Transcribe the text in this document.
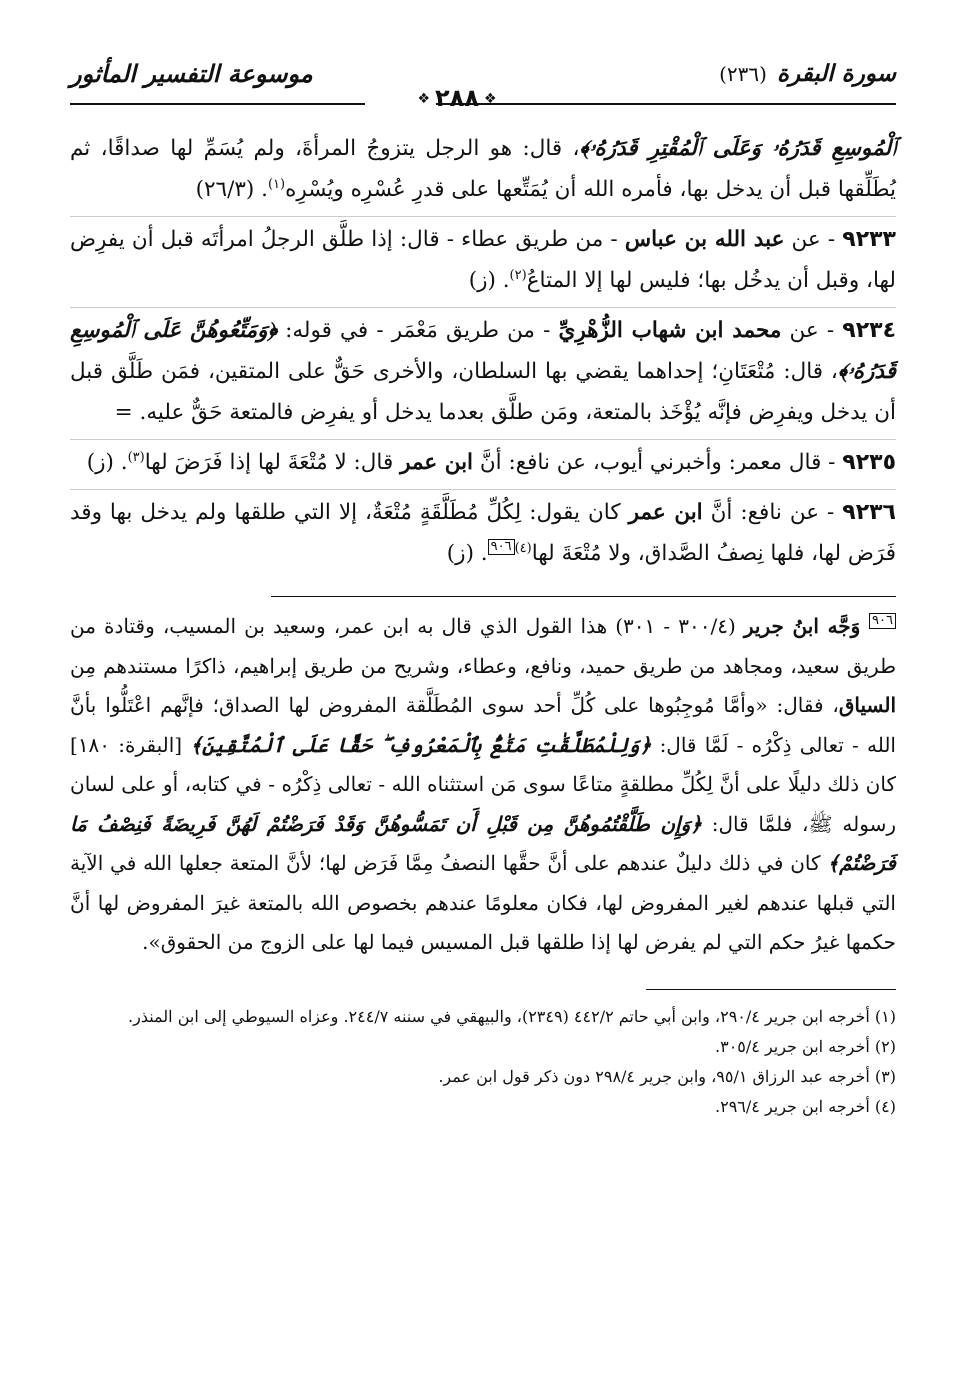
سورة البقرة
(٢٣٦)
موسوعة التفسير المأثور
❖٢٨٨❖

ٱلْمُوسِعِ قَدَرُهُۥ وَعَلَى ٱلْمُقْتِرِ قَدَرُهُۥ﴾، قال: هو الرجل يتزوجُ المرأةَ، ولم يُسَمِّ لها صداقًا، ثم يُطَلِّقها قبل أن يدخل بها، فأمره الله أن يُمَتِّعها على قدرِ عُسْرِه ويُسْرِه$^{(١)}$. (٣/‏٢٦)

٩٢٣٣ - عن عبد الله بن عباس - من طريق عطاء - قال: إذا طلَّق الرجلُ امرأتَه قبل أن يفرِض لها، وقبل أن يدخُل بها؛ فليس لها إلا المتاعُ$^{(٢)}$. (ز)

٩٢٣٤ - عن محمد ابن شهاب الزُّهْرِيِّ - من طريق مَعْمَر - في قوله: ﴿وَمَتِّعُوهُنَّ عَلَى ٱلْمُوسِعِ قَدَرُهُۥ﴾، قال: مُتْعَتَانِ؛ إحداهما يقضي بها السلطان، والأخرى حَقٌّ على المتقين، فمَن طَلَّق قبل أن يدخل ويفرِض فإنَّه يُؤْخَذ بالمتعة، ومَن طلَّق بعدما يدخل أو يفرِض فالمتعة حَقٌّ عليه. =

٩٢٣٥ - قال معمر: وأخبرني أيوب، عن نافع: أنَّ ابن عمر قال: لا مُتْعَةَ لها إذا فَرَضَ لها$^{(٣)}$. (ز)

٩٢٣٦ - عن نافع: أنَّ ابن عمر كان يقول: لِكُلِّ مُطَلَّقَةٍ مُتْعَةٌ، إلا التي طلقها ولم يدخل بها وقد فَرَض لها، فلها نِصفُ الصَّداق، ولا مُتْعَةَ لها$^{(٤)}$٩٠٦. (ز)

٩٠٦ وَجَّه ابنُ جرير (٤/‏٣٠٠ - ٣٠١) هذا القول الذي قال به ابن عمر، وسعيد بن المسيب، وقتادة من طريق سعيد، ومجاهد من طريق حميد، ونافع، وعطاء، وشريح من طريق إبراهيم، ذاكرًا مستندهم مِن السياق، فقال: «وأمَّا مُوجِبُوها على كُلِّ أحد سوى المُطَلَّقة المفروض لها الصداق؛ فإنَّهم اعْتَلُّوا بأنَّ الله - تعالى ذِكْرُه - لَمَّا قال: ﴿وَلِلْمُطَلَّقَٰتِ مَتَٰعٌۢ بِٱلْمَعْرُوفِ ۖ حَقًّا عَلَى ٱلْمُتَّقِينَ﴾ [البقرة: ١٨٠] كان ذلك دليلًا على أنَّ لِكُلِّ مطلقةٍ متاعًا سوى مَن استثناه الله - تعالى ذِكْرُه - في كتابه، أو على لسان رسوله ﷺ، فلمَّا قال: ﴿وَإِن طَلَّقْتُمُوهُنَّ مِن قَبْلِ أَن تَمَسُّوهُنَّ وَقَدْ فَرَضْتُمْ لَهُنَّ فَرِيضَةً فَنِصْفُ مَا فَرَضْتُمْ﴾ كان في ذلك دليلٌ عندهم على أنَّ حقَّها النصفُ مِمَّا فَرَض لها؛ لأنَّ المتعة جعلها الله في الآية التي قبلها عندهم لغير المفروض لها، فكان معلومًا عندهم بخصوص الله بالمتعة غيرَ المفروض لها أنَّ حكمها غيرُ حكم التي لم يفرض لها إذا طلقها قبل المسيس فيما لها على الزوج من الحقوق».

(١) أخرجه ابن جرير ٤/‏٢٩٠، وابن أبي حاتم ٢/‏٤٤٢ (٢٣٤٩)، والبيهقي في سننه ٧/‏٢٤٤. وعزاه السيوطي إلى ابن المنذر.

(٢) أخرجه ابن جرير ٤/‏٣٠٥.

(٣) أخرجه عبد الرزاق ١/‏٩٥، وابن جرير ٤/‏٢٩٨ دون ذكر قول ابن عمر.

(٤) أخرجه ابن جرير ٤/‏٢٩٦.
